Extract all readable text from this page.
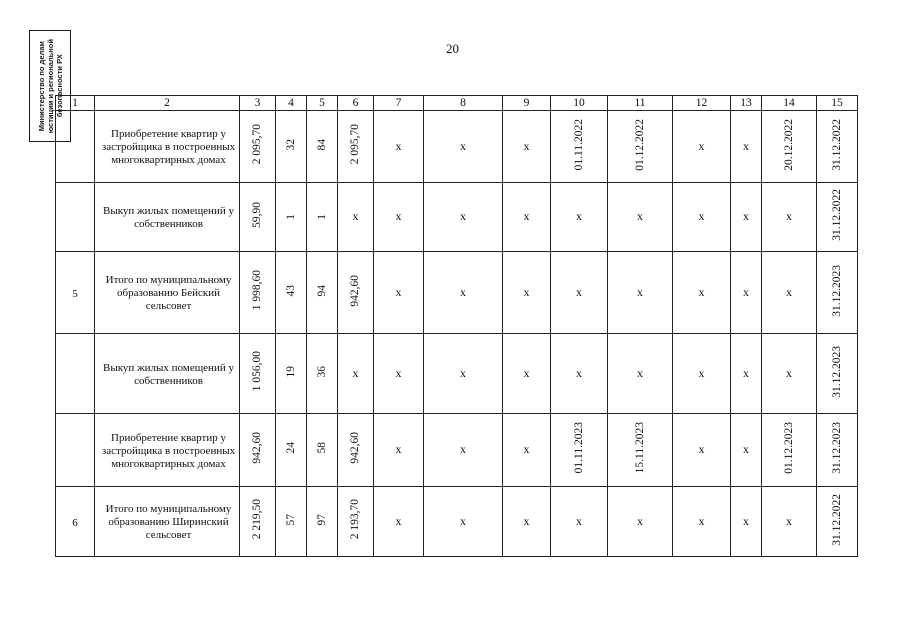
20
Министерство по делам юстиции и региональной безопасности РХ 1	2	3	4	5	6	7	8	9	10	11	12	13	14	15
	Приобретение квартир у застройщика в построенных многоквартирных домах	2 095,70	32	84	2 095,70	x	x	x	01.11.2022	01.12.2022	x	x	20.12.2022	31.12.2022
	Выкуп жилых помещений у собственников	59,90	1	1	x	x	x	x	x	x	x	x	x	31.12.2022
5	Итого по муниципальному образованию Бейский сельсовет	1 998,60	43	94	942,60	x	x	x	x	x	x	x	x	31.12.2023
	Выкуп жилых помещений у собственников	1 056,00	19	36	x	x	x	x	x	x	x	x	x	31.12.2023
	Приобретение квартир у застройщика в построенных многоквартирных домах	942,60	24	58	942,60	x	x	x	01.11.2023	15.11.2023	x	x	01.12.2023	31.12.2023
6	Итого по муниципальному образованию Ширинский сельсовет	2 219,50	57	97	2 193,70	x	x	x	x	x	x	x	x	31.12.2022
